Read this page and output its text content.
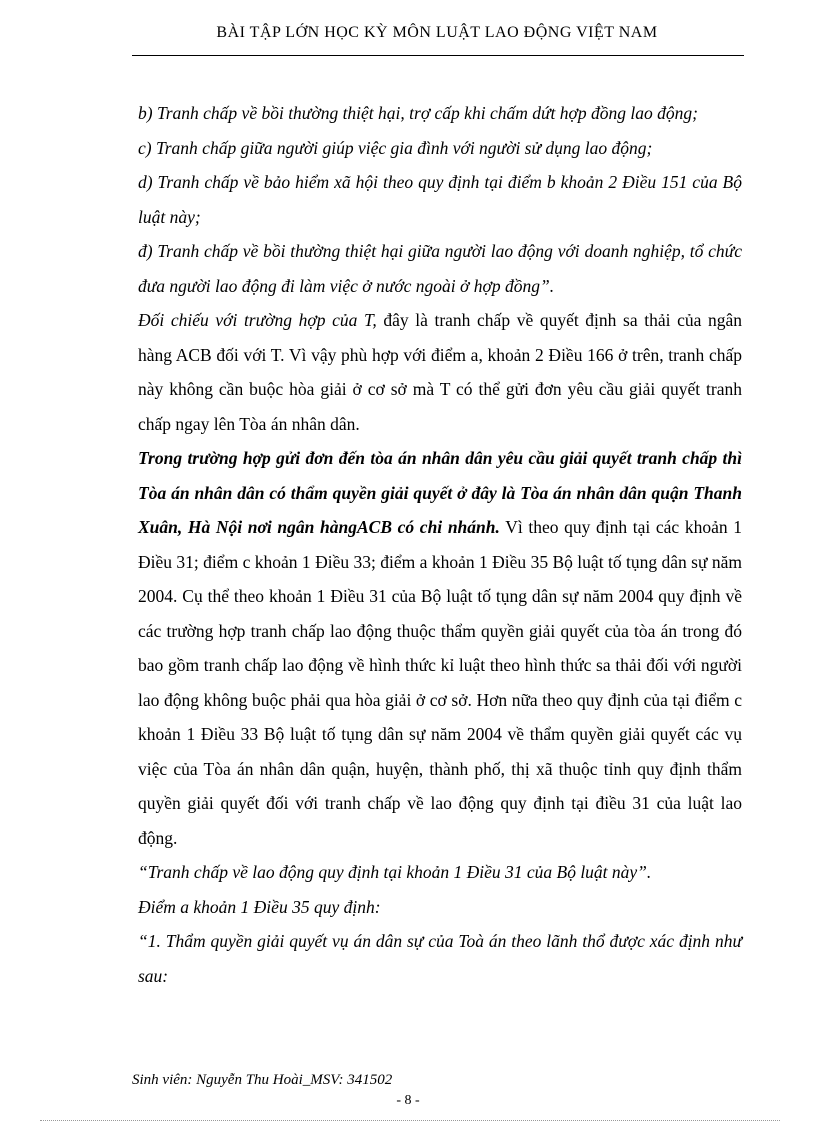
BÀI TẬP LỚN HỌC KỲ MÔN LUẬT LAO ĐỘNG VIỆT NAM

b) Tranh chấp về bồi thường thiệt hại, trợ cấp khi chấm dứt hợp đồng lao động;

c) Tranh chấp giữa người giúp việc gia đình với người sử dụng lao động;

d) Tranh chấp về bảo hiểm xã hội theo quy định tại điểm b khoản 2 Điều 151 của Bộ luật này;

đ) Tranh chấp về bồi thường thiệt hại giữa người lao động với doanh nghiệp, tổ chức đưa người lao động đi làm việc ở nước ngoài ở hợp đồng”.

Đối chiếu với trường hợp của T, đây là tranh chấp về quyết định sa thải của ngân hàng ACB đối với T. Vì vậy phù hợp với điểm a, khoản 2 Điều 166 ở trên, tranh chấp này không cần buộc hòa giải ở cơ sở mà T có thể gửi đơn yêu cầu giải quyết tranh chấp ngay lên Tòa án nhân dân.

Trong trường hợp gửi đơn đến tòa án nhân dân yêu cầu giải quyết tranh chấp thì Tòa án nhân dân có thẩm quyền giải quyết ở đây là Tòa án nhân dân quận Thanh Xuân, Hà Nội nơi ngân hàngACB có chi nhánh. Vì theo quy định tại các khoản 1 Điều 31; điểm c khoản 1 Điều 33; điểm a khoản 1 Điều 35 Bộ luật tố tụng dân sự năm 2004. Cụ thể theo khoản 1 Điều 31 của Bộ luật tố tụng dân sự năm 2004 quy định về các trường hợp tranh chấp lao động thuộc thẩm quyền giải quyết của tòa án trong đó bao gồm tranh chấp lao động về hình thức kỉ luật theo hình thức sa thải đối với người lao động không buộc phải qua hòa giải ở cơ sở. Hơn nữa theo quy định của tại điểm c khoản 1 Điều 33 Bộ luật tố tụng dân sự năm 2004 về thẩm quyền giải quyết các vụ việc của Tòa án nhân dân quận, huyện, thành phố, thị xã thuộc tỉnh quy định thẩm quyền giải quyết đối với tranh chấp về lao động quy định tại điều 31 của luật lao động.

“Tranh chấp về lao động quy định tại khoản 1 Điều 31 của Bộ luật này”.

Điểm a khoản 1 Điều 35 quy định:

“1. Thẩm quyền giải quyết vụ án dân sự của Toà án theo lãnh thổ được xác định như sau:

Sinh viên: Nguyễn Thu Hoài_MSV: 341502
- 8 -
